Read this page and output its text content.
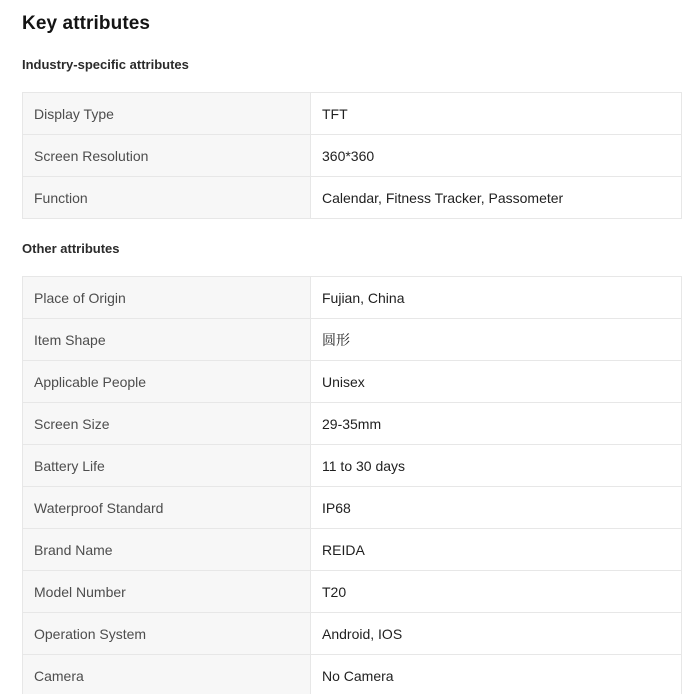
Key attributes
Industry-specific attributes
Display Type	TFT
Screen Resolution	360*360
Function	Calendar, Fitness Tracker, Passometer
Other attributes
Place of Origin	Fujian, China
Item Shape	圆形
Applicable People	Unisex
Screen Size	29-35mm
Battery Life	11 to 30 days
Waterproof Standard	IP68
Brand Name	REIDA
Model Number	T20
Operation System	Android, IOS
Camera	No Camera
